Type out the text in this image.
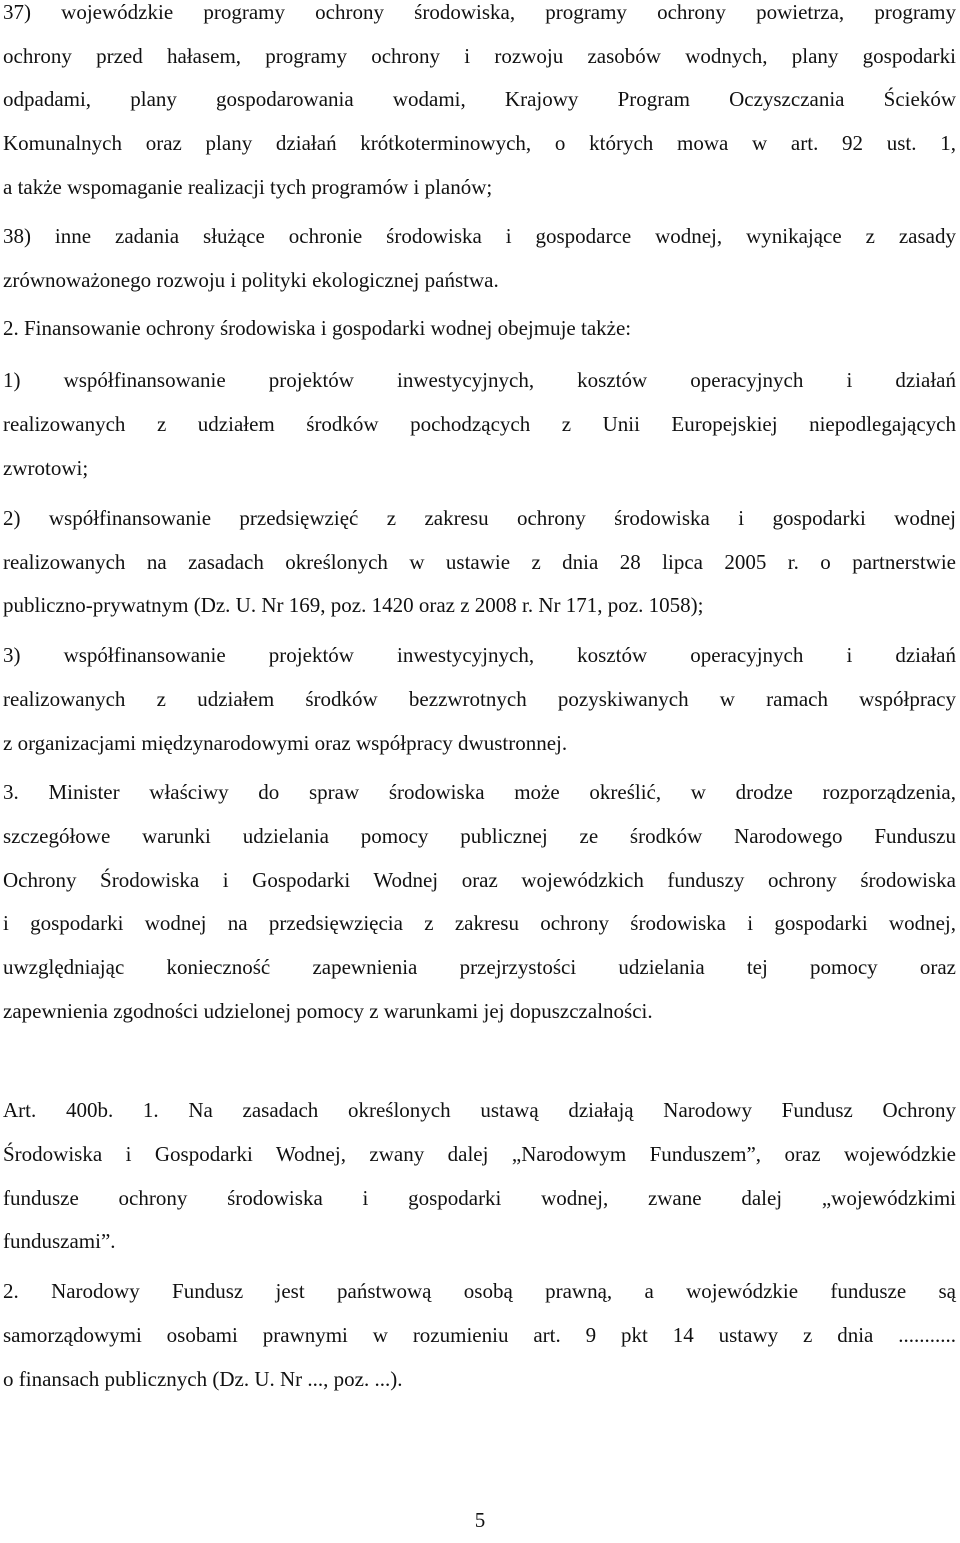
37) wojewódzkie programy ochrony środowiska, programy ochrony powietrza, programy
ochrony przed hałasem, programy ochrony i rozwoju zasobów wodnych, plany gospodarki
odpadami, plany gospodarowania wodami, Krajowy Program Oczyszczania Ścieków
Komunalnych oraz plany działań krótkoterminowych, o których mowa w art. 92 ust. 1,
a także wspomaganie realizacji tych programów i planów;
38) inne zadania służące ochronie środowiska i gospodarce wodnej, wynikające z zasady
zrównoważonego rozwoju i polityki ekologicznej państwa.
2. Finansowanie ochrony środowiska i gospodarki wodnej obejmuje także:
1) współfinansowanie projektów inwestycyjnych, kosztów operacyjnych i działań
realizowanych z udziałem środków pochodzących z Unii Europejskiej niepodlegających
zwrotowi;
2) współfinansowanie przedsięwzięć z zakresu ochrony środowiska i gospodarki wodnej
realizowanych na zasadach określonych w ustawie z dnia 28 lipca 2005 r. o partnerstwie
publiczno-prywatnym (Dz. U. Nr 169, poz. 1420 oraz z 2008 r. Nr 171, poz. 1058);
3) współfinansowanie projektów inwestycyjnych, kosztów operacyjnych i działań
realizowanych z udziałem środków bezzwrotnych pozyskiwanych w ramach współpracy
z organizacjami międzynarodowymi oraz współpracy dwustronnej.
3. Minister właściwy do spraw środowiska może określić, w drodze rozporządzenia,
szczegółowe warunki udzielania pomocy publicznej ze środków Narodowego Funduszu
Ochrony Środowiska i Gospodarki Wodnej oraz wojewódzkich funduszy ochrony środowiska
i gospodarki wodnej na przedsięwzięcia z zakresu ochrony środowiska i gospodarki wodnej,
uwzględniając konieczność zapewnienia przejrzystości udzielania tej pomocy oraz
zapewnienia zgodności udzielonej pomocy z warunkami jej dopuszczalności.
Art. 400b. 1. Na zasadach określonych ustawą działają Narodowy Fundusz Ochrony
Środowiska i Gospodarki Wodnej, zwany dalej „Narodowym Funduszem”, oraz wojewódzkie
fundusze ochrony środowiska i gospodarki wodnej, zwane dalej „wojewódzkimi
funduszami”.
2. Narodowy Fundusz jest państwową osobą prawną, a wojewódzkie fundusze są
samorządowymi osobami prawnymi w rozumieniu art. 9 pkt 14 ustawy z dnia ...........
o finansach publicznych (Dz. U. Nr ..., poz. ...).
5
